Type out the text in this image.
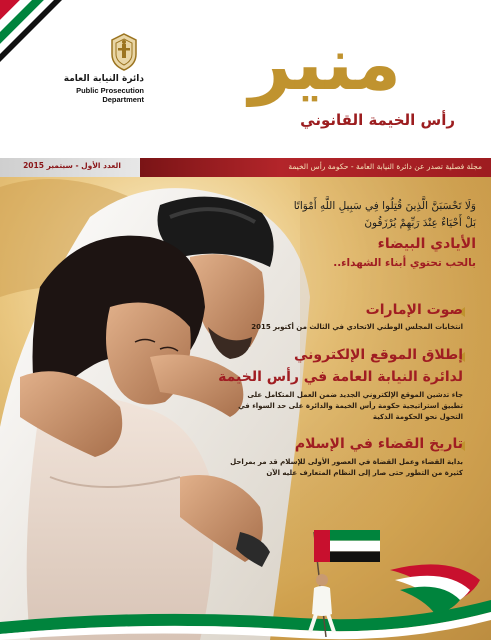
دائرة النيابة العامة
Public Prosecution Department	منير
رأس الخيمة القانوني
العدد الأول - سبتمبر 2015	مجلة فصلية تصدر عن دائرة النيابة العامة - حكومة رأس الخيمة
وَلَا تَحْسَبَنَّ الَّذِينَ قُتِلُوا فِي سَبِيلِ اللَّهِ أَمْوَاتًا
بَلْ أَحْيَاءٌ عِنْدَ رَبِّهِمْ يُرْزَقُونَ
الأيادي البيضاء
بالحب تحتوي أبناء الشهداء..
صوت الإمارات
انتخابات المجلس الوطني الاتحادي في الثالث من أكتوبر 2015
إطلاق الموقع الإلكتروني
لدائرة النيابة العامة في رأس الخيمة
جاء تدشين الموقع الإلكتروني الجديد ضمن العمل المتكامل على
تطبيق استراتيجية حكومة رأس الخيمة والدائرة على حد السواء في
التحول نحو الحكومة الذكية
تاريخ القضاء في الإسلام
بداية القضاء وعمل القضاة في العصور الأولى للإسلام قد مر بمراحل
كثيرة من التطور حتى صار إلى النظام المتعارف عليه الآن
